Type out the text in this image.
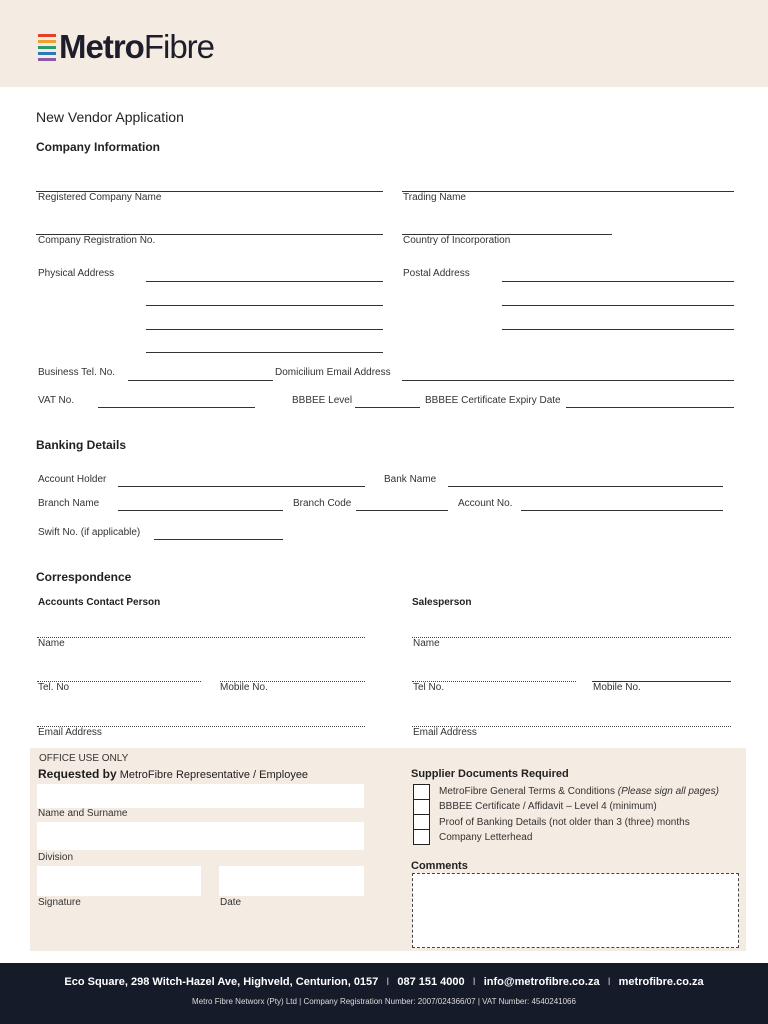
MetroFibre
New Vendor Application
Company Information
Registered Company Name	Trading Name
Company Registration No.	Country of Incorporation
Physical Address	Postal Address
Business Tel. No.	Domicilium Email Address
VAT No.	BBBEE Level	BBBEE Certificate Expiry Date
Banking Details
Account Holder	Bank Name
Branch Name	Branch Code	Account No.
Swift No. (if applicable)
Correspondence
Accounts Contact Person	Salesperson
Name	Name
Tel. No	Mobile No.	Tel No.	Mobile No.
Email Address	Email Address
OFFICE USE ONLY
Requested by MetroFibre Representative / Employee
Name and Surname
Division
Signature	Date
Supplier Documents Required
MetroFibre General Terms & Conditions (Please sign all pages)
BBBEE Certificate / Affidavit – Level 4 (minimum)
Proof of Banking Details (not older than 3 (three) months
Company Letterhead
Comments
Eco Square, 298 Witch-Hazel Ave, Highveld, Centurion, 0157 I 087 151 4000 I info@metrofibre.co.za I metrofibre.co.za
Metro Fibre Networx (Pty) Ltd | Company Registration Number: 2007/024366/07 | VAT Number: 4540241066
